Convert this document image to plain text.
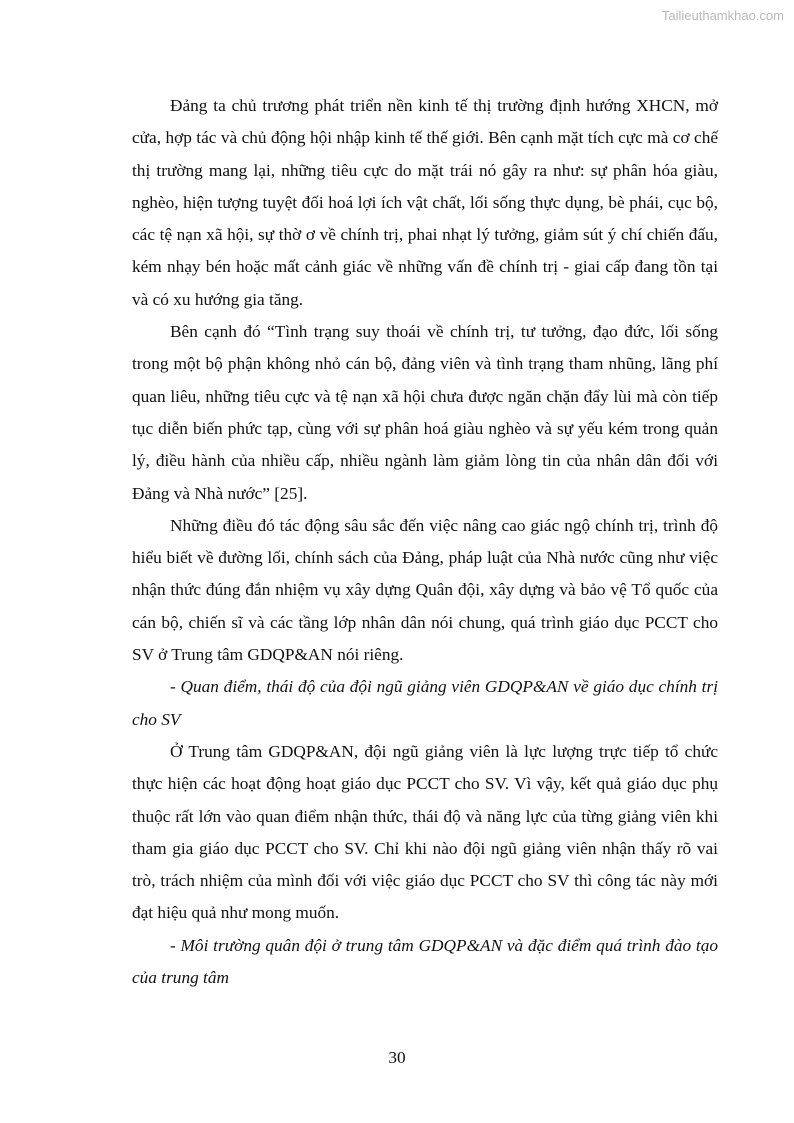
Tailieuthamkhao.com

Đảng ta chủ trương phát triển nền kinh tế thị trường định hướng XHCN, mở cửa, hợp tác và chủ động hội nhập kinh tế thế giới. Bên cạnh mặt tích cực mà cơ chế thị trường mang lại, những tiêu cực do mặt trái nó gây ra như: sự phân hóa giàu, nghèo, hiện tượng tuyệt đối hoá lợi ích vật chất, lối sống thực dụng, bè phái, cục bộ, các tệ nạn xã hội, sự thờ ơ về chính trị, phai nhạt lý tưởng, giảm sút ý chí chiến đấu, kém nhạy bén hoặc mất cảnh giác về những vấn đề chính trị - giai cấp đang tồn tại và có xu hướng gia tăng.

Bên cạnh đó “Tình trạng suy thoái về chính trị, tư tưởng, đạo đức, lối sống trong một bộ phận không nhỏ cán bộ, đảng viên và tình trạng tham nhũng, lãng phí quan liêu, những tiêu cực và tệ nạn xã hội chưa được ngăn chặn đẩy lùi mà còn tiếp tục diễn biến phức tạp, cùng với sự phân hoá giàu nghèo và sự yếu kém trong quản lý, điều hành của nhiều cấp, nhiều ngành làm giảm lòng tin của nhân dân đối với Đảng và Nhà nước” [25].

Những điều đó tác động sâu sắc đến việc nâng cao giác ngộ chính trị, trình độ hiểu biết về đường lối, chính sách của Đảng, pháp luật của Nhà nước cũng như việc nhận thức đúng đắn nhiệm vụ xây dựng Quân đội, xây dựng và bảo vệ Tổ quốc của cán bộ, chiến sĩ và các tầng lớp nhân dân nói chung, quá trình giáo dục PCCT cho SV ở Trung tâm GDQP&AN nói riêng.

- Quan điểm, thái độ của đội ngũ giảng viên GDQP&AN về giáo dục chính trị cho SV

Ở Trung tâm GDQP&AN, đội ngũ giảng viên là lực lượng trực tiếp tổ chức thực hiện các hoạt động hoạt giáo dục PCCT cho SV. Vì vậy, kết quả giáo dục phụ thuộc rất lớn vào quan điểm nhận thức, thái độ và năng lực của từng giảng viên khi tham gia giáo dục PCCT cho SV. Chỉ khi nào đội ngũ giảng viên nhận thấy rõ vai trò, trách nhiệm của mình đối với việc giáo dục PCCT cho SV thì công tác này mới đạt hiệu quả như mong muốn.

- Môi trường quân đội ở trung tâm GDQP&AN và đặc điểm quá trình đào tạo của trung tâm

30
